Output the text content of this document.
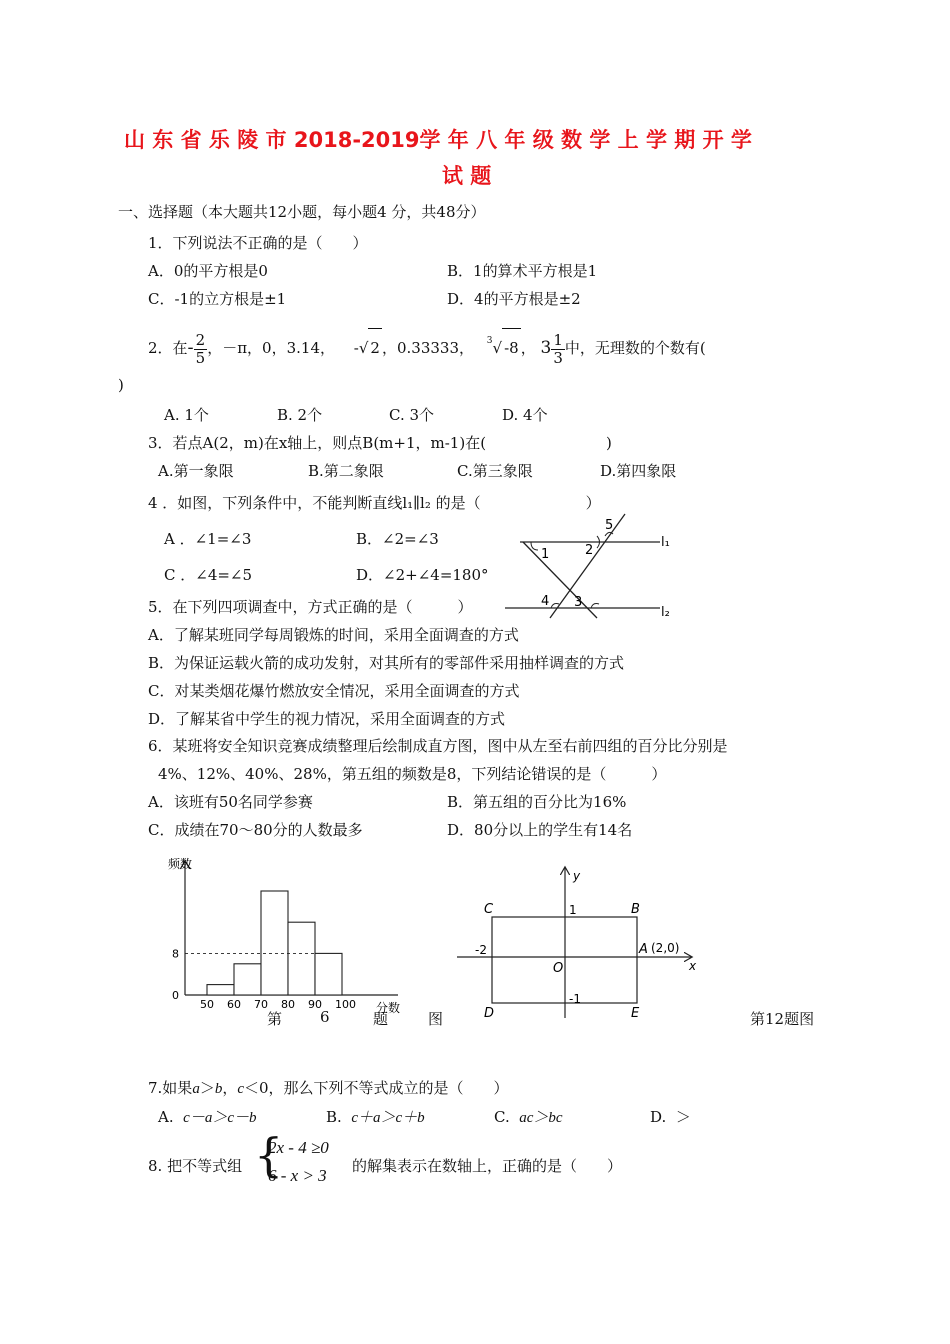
山 东 省 乐 陵 市 2018-2019学 年 八 年 级 数 学 上 学 期 开 学
试 题
一、选择题（本大题共12小题，每小题4 分，共48分）
1．下列说法不正确的是（　　）
A．0的平方根是0	B．1的算术平方根是1
C．-1的立方根是±1	D．4的平方根是±2
2．在- $\frac{2}{5}$ ，－π，0，3.14， -√ 2 ，0.33333， $^3$√ -8 ， $3 \frac{1}{3}$ 中，无理数的个数有(
)
A. 1个	B. 2个	C. 3个	D. 4个
3．若点A(2，m)在x轴上，则点B(m+1，m-1)在(　　　　　　　　)
A.第一象限	B.第二象限	C.第三象限	D.第四象限
4 ．如图，下列条件中，不能判断直线l₁∥l₂ 的是（　　　　　　　）
A ．∠1=∠3	B．∠2=∠3
C ．∠4=∠5	D．∠2+∠4=180°
1	2
3
4
5
l₁
l₂
5．在下列四项调查中，方式正确的是（　　　）
A．了解某班同学每周锻炼的时间，采用全面调查的方式
B．为保证运载火箭的成功发射，对其所有的零部件采用抽样调查的方式
C．对某类烟花爆竹燃放安全情况，采用全面调查的方式
D．了解某省中学生的视力情况，采用全面调查的方式
6．某班将安全知识竞赛成绩整理后绘制成直方图，图中从左至右前四组的百分比分别是
4%、12%、40%、28%，第五组的频数是8，下列结论错误的是（　　　）
A．该班有50名同学参赛	B．第五组的百分比为16%
C．成绩在70～80分的人数最多	D．80分以上的学生有14名
频数
分数
50 60 70 80 90 100
0
8
第	6	题	图
C	B
D	E
A (2,0)
O	x
y
1
-1
-2
第12题图
7.如果a＞b，c＜0，那么下列不等式成立的是（　　）
A. c－a＞c－b	B. c＋a＞c＋b	C. ac＞bc	D. ＞
8. 把不等式组 {
2x - 4 ≥0
6 - x > 3 的解集表示在数轴上，正确的是（　　）
